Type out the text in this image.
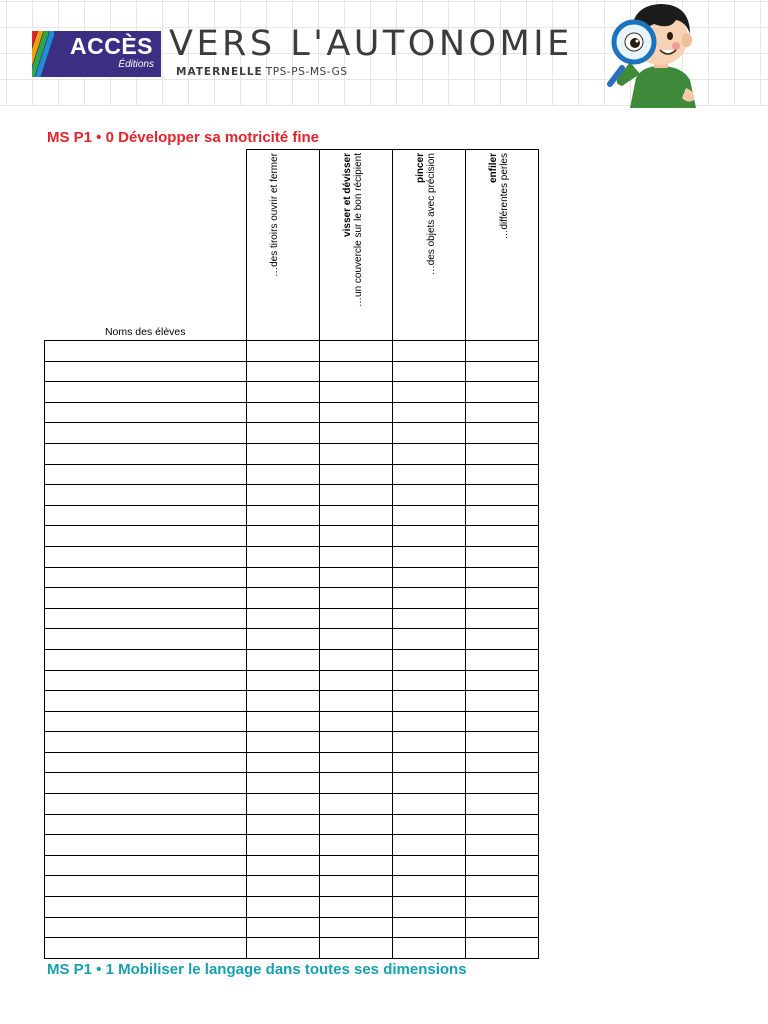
ACCÈS
Éditions
VERS L'AUTONOMIE
MATERNELLE TPS-PS-MS-GS
MS P1 • 0 Développer sa motricité fine
Noms des élèves	…des tiroirs ouvrir et fermer	visser et dévisser …un couvercle sur le bon récipient	pincer …des objets avec précision	enfiler …différentes perles

MS P1 • 1 Mobiliser le langage dans toutes ses dimensions
